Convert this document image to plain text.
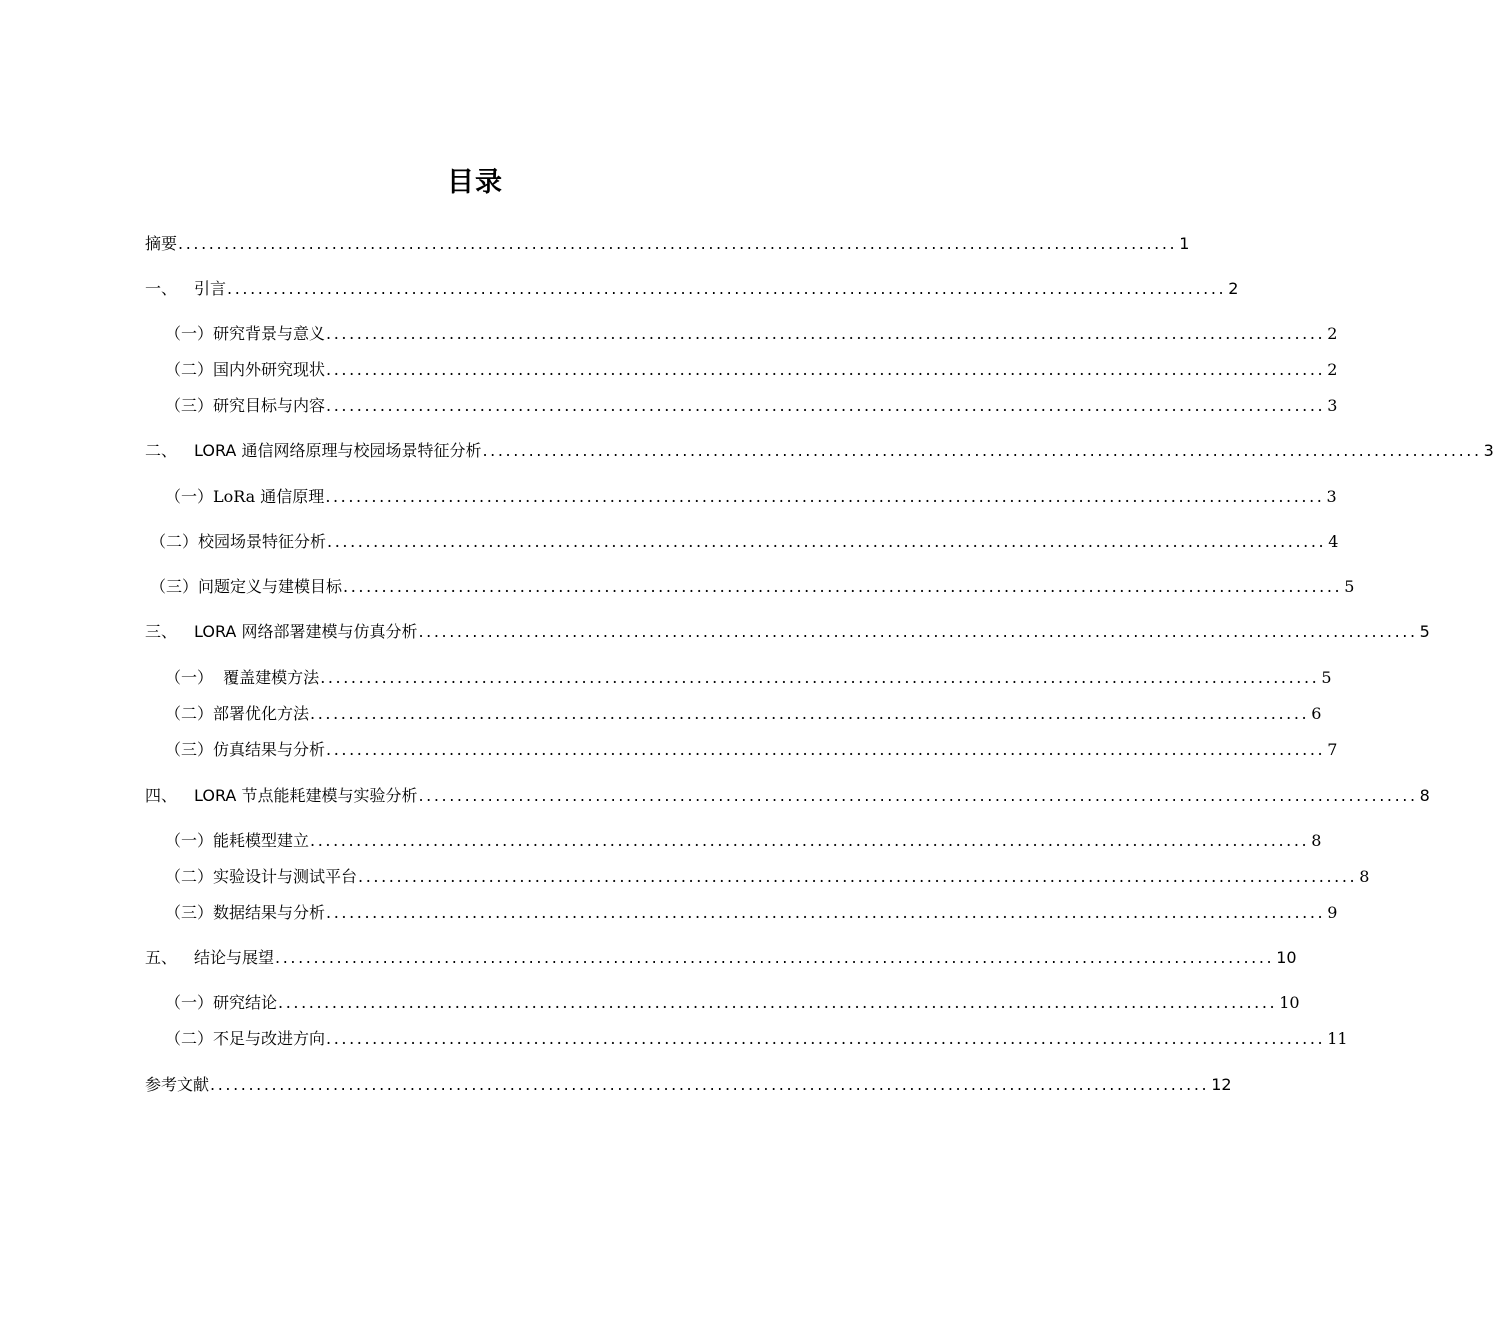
目录
摘要 .................................................................................................................................. 1
一、 引言 .................................................................................................................................. 2
（一）研究背景与意义 .................................................................................................................................. 2
（二）国内外研究现状 .................................................................................................................................. 2
（三）研究目标与内容 .................................................................................................................................. 3
二、 LORA 通信网络原理与校园场景特征分析 .................................................................................................................................. 3
（一）LoRa 通信原理 .................................................................................................................................. 3
（二）校园场景特征分析 .................................................................................................................................. 4
（三）问题定义与建模目标 .................................................................................................................................. 5
三、 LORA 网络部署建模与仿真分析 .................................................................................................................................. 5
（一）  覆盖建模方法 .................................................................................................................................. 5
（二）部署优化方法 .................................................................................................................................. 6
（三）仿真结果与分析 .................................................................................................................................. 7
四、 LORA 节点能耗建模与实验分析 .................................................................................................................................. 8
（一）能耗模型建立 .................................................................................................................................. 8
（二）实验设计与测试平台 .................................................................................................................................. 8
（三）数据结果与分析 .................................................................................................................................. 9
五、 结论与展望 .................................................................................................................................. 10
（一）研究结论 .................................................................................................................................. 10
（二）不足与改进方向 .................................................................................................................................. 11
参考文献 .................................................................................................................................. 12
